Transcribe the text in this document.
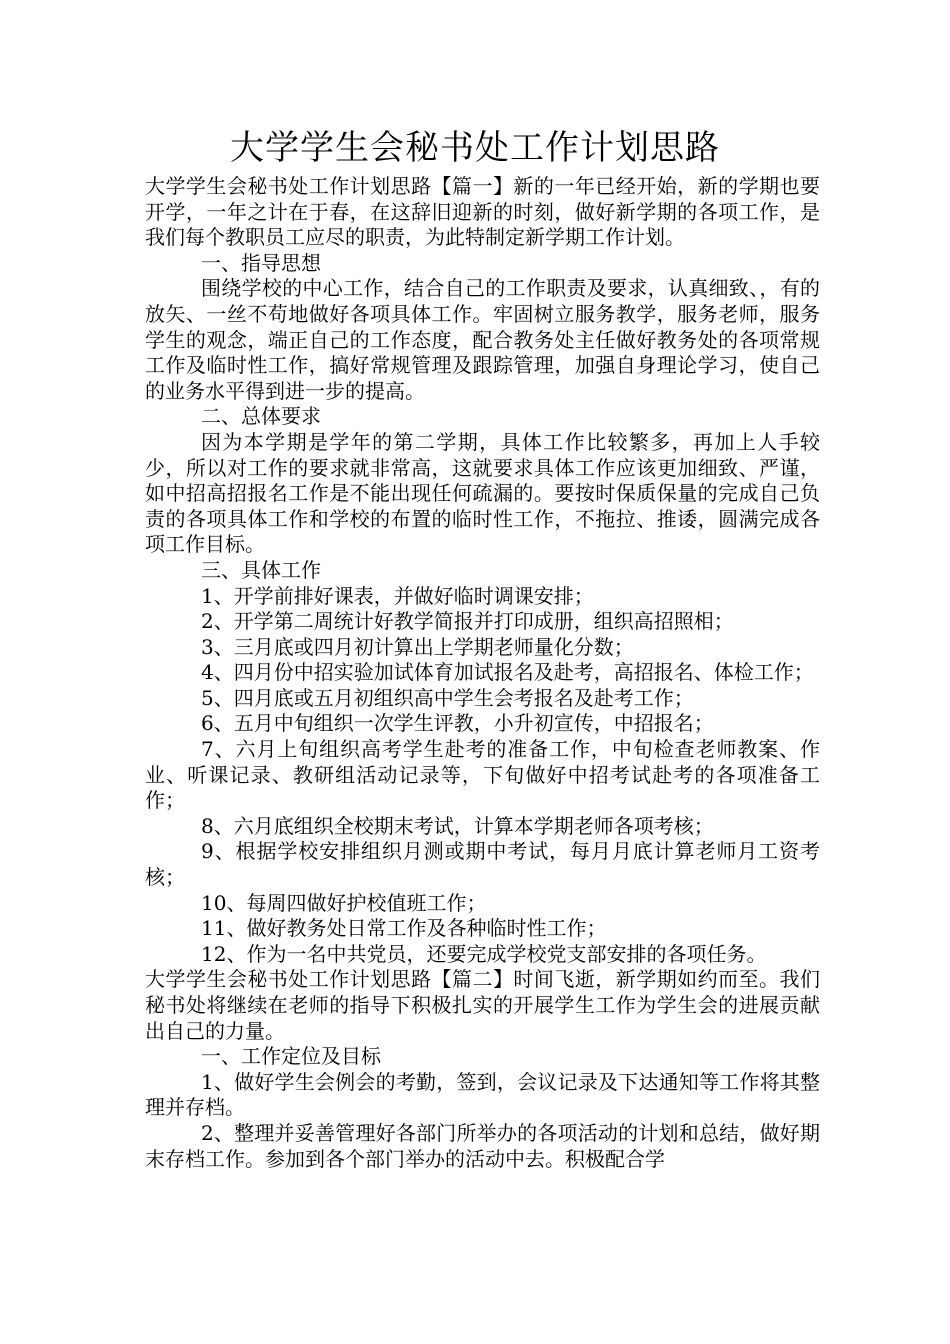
大学学生会秘书处工作计划思路

大学学生会秘书处工作计划思路【篇一】新的一年已经开始，新的学期也要开学，一年之计在于春，在这辞旧迎新的时刻，做好新学期的各项工作，是我们每个教职员工应尽的职责，为此特制定新学期工作计划。

一、指导思想

围绕学校的中心工作，结合自己的工作职责及要求，认真细致、，有的放矢、一丝不苟地做好各项具体工作。牢固树立服务教学，服务老师，服务学生的观念，端正自己的工作态度，配合教务处主任做好教务处的各项常规工作及临时性工作，搞好常规管理及跟踪管理，加强自身理论学习，使自己的业务水平得到进一步的提高。

二、总体要求

因为本学期是学年的第二学期，具体工作比较繁多，再加上人手较少，所以对工作的要求就非常高，这就要求具体工作应该更加细致、严谨，如中招高招报名工作是不能出现任何疏漏的。要按时保质保量的完成自己负责的各项具体工作和学校的布置的临时性工作，不拖拉、推诿，圆满完成各项工作目标。

三、具体工作

1、开学前排好课表，并做好临时调课安排；

2、开学第二周统计好教学简报并打印成册，组织高招照相；

3、三月底或四月初计算出上学期老师量化分数；

4、四月份中招实验加试体育加试报名及赴考，高招报名、体检工作；

5、四月底或五月初组织高中学生会考报名及赴考工作；

6、五月中旬组织一次学生评教，小升初宣传，中招报名；

7、六月上旬组织高考学生赴考的准备工作，中旬检查老师教案、作业、听课记录、教研组活动记录等，下旬做好中招考试赴考的各项准备工作；

8、六月底组织全校期末考试，计算本学期老师各项考核；

9、根据学校安排组织月测或期中考试，每月月底计算老师月工资考核；

10、每周四做好护校值班工作；

11、做好教务处日常工作及各种临时性工作；

12、作为一名中共党员，还要完成学校党支部安排的各项任务。

大学学生会秘书处工作计划思路【篇二】时间飞逝，新学期如约而至。我们秘书处将继续在老师的指导下积极扎实的开展学生工作为学生会的进展贡献出自己的力量。

一、工作定位及目标

1、做好学生会例会的考勤，签到，会议记录及下达通知等工作将其整理并存档。

2、整理并妥善管理好各部门所举办的各项活动的计划和总结，做好期末存档工作。参加到各个部门举办的活动中去。积极配合学
